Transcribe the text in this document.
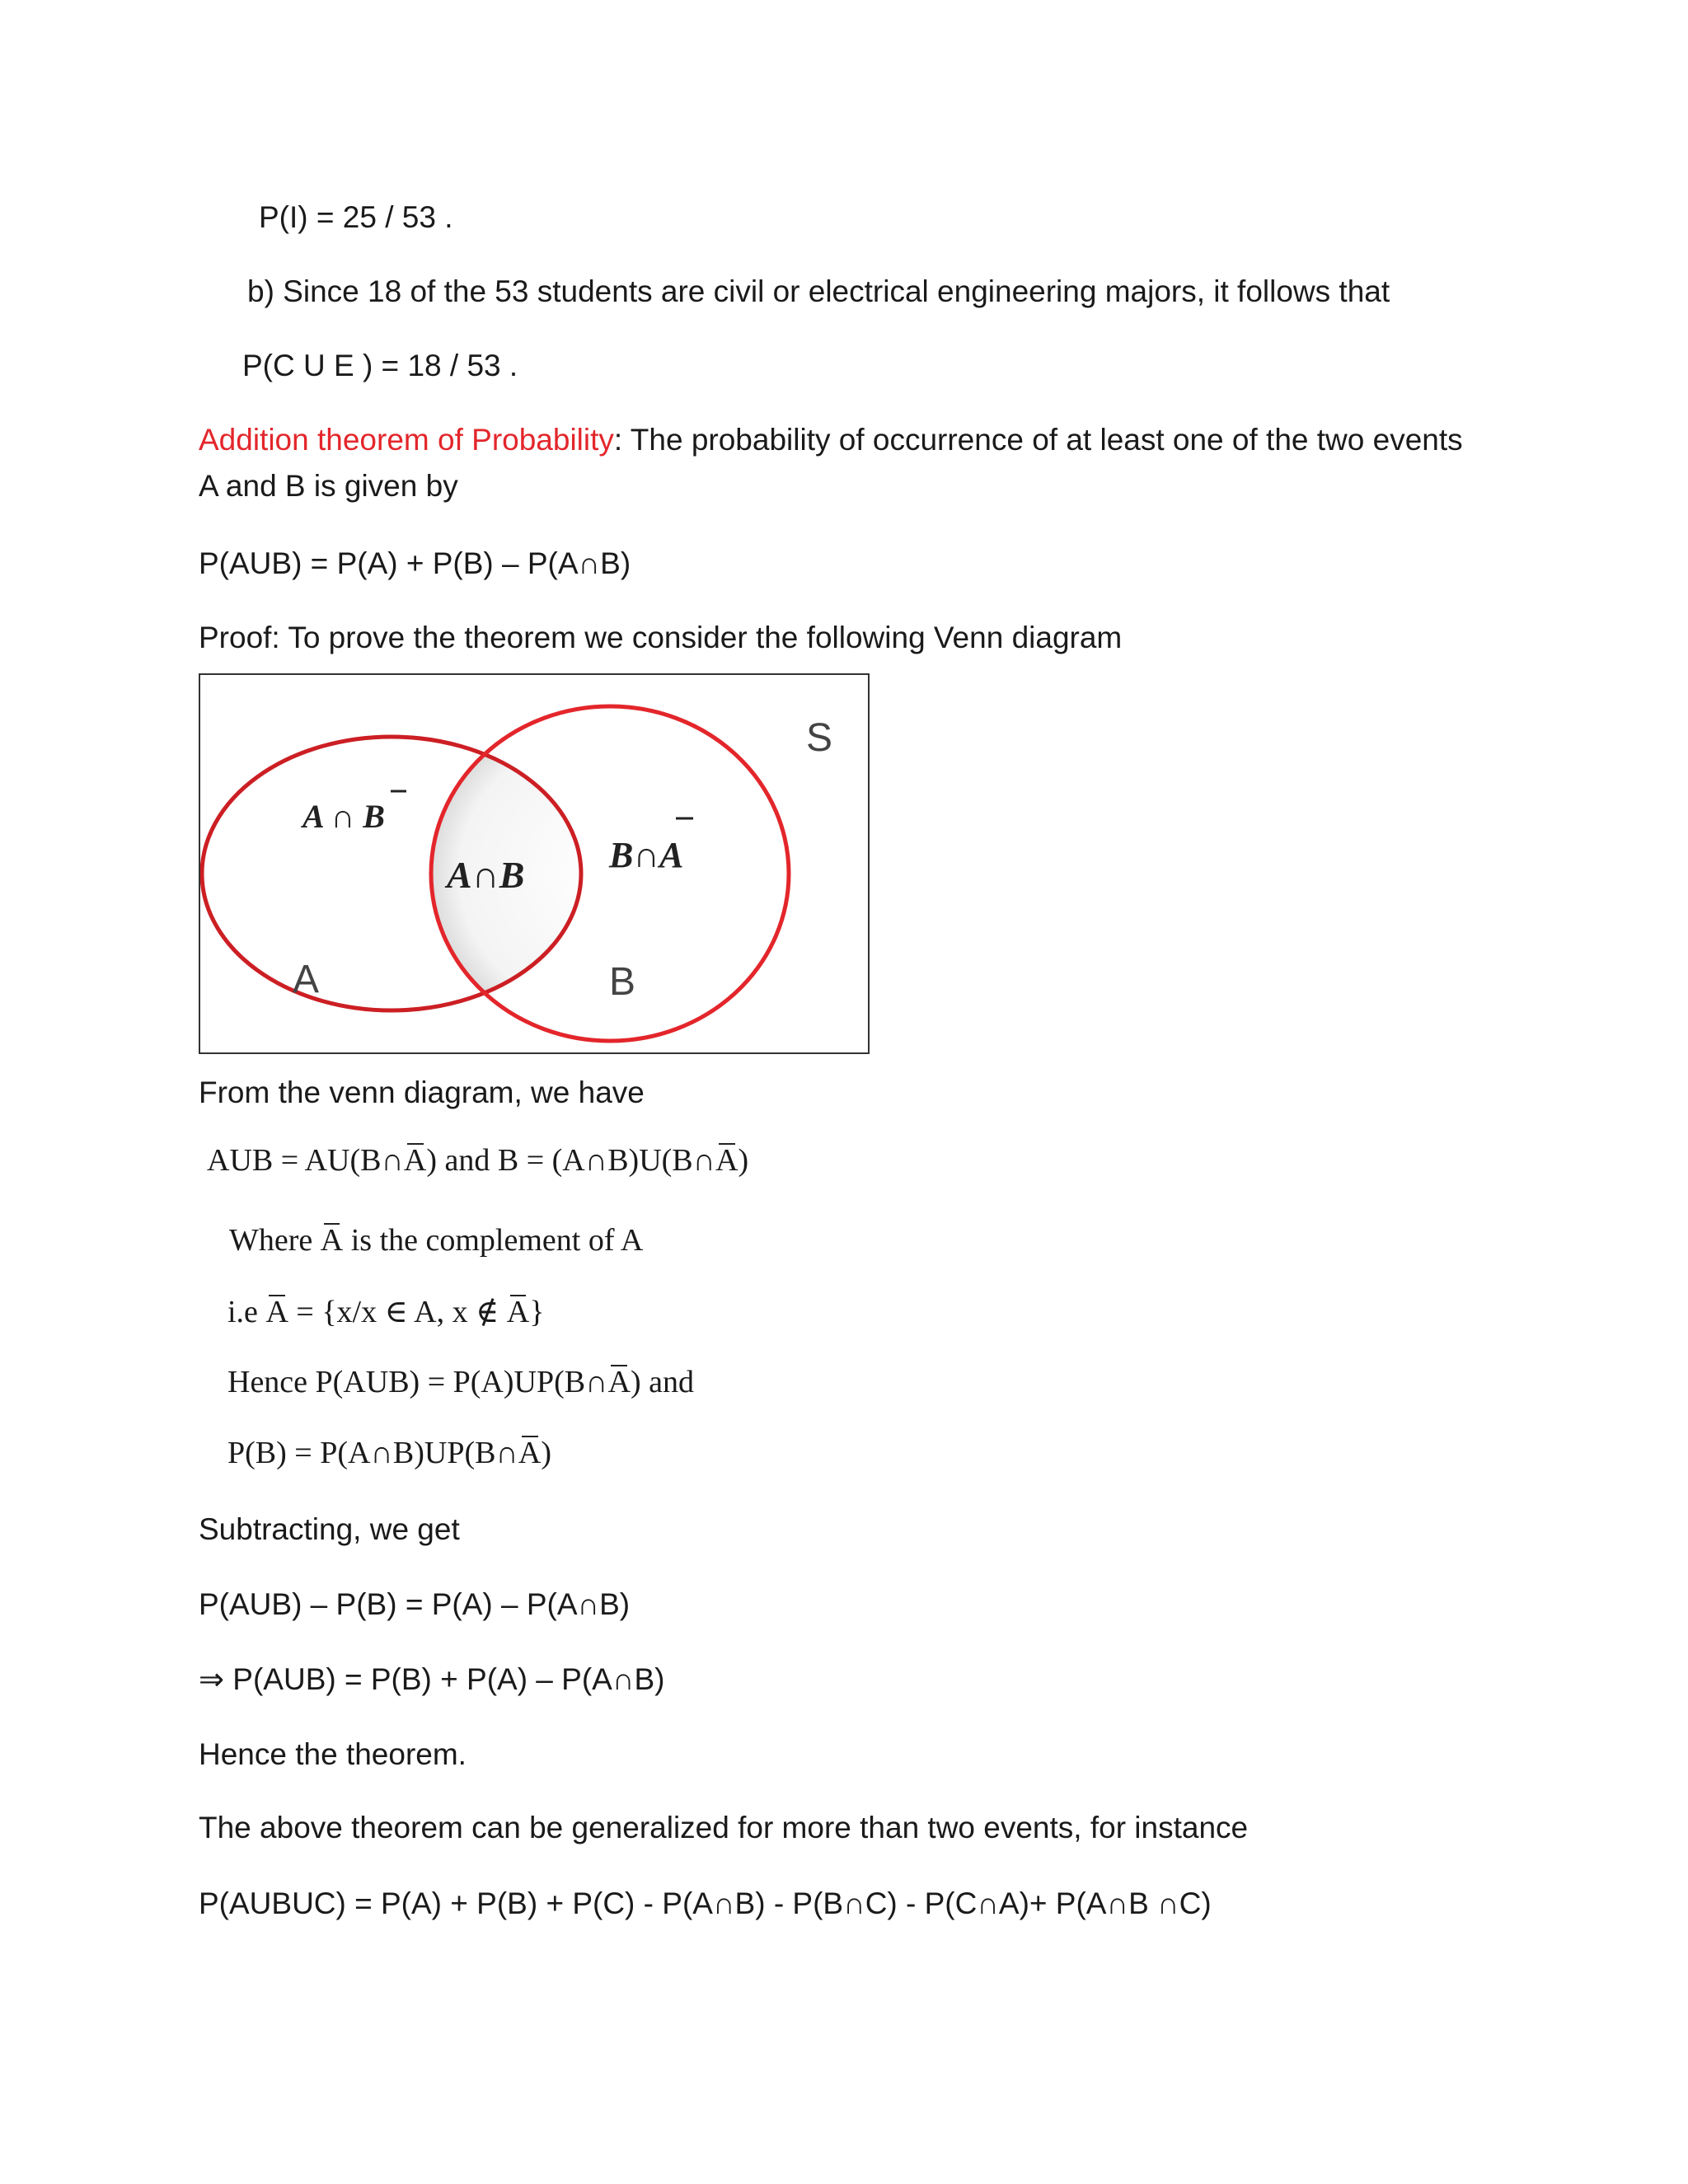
P(I) = 25 / 53 .
b) Since 18 of the 53 students are civil or electrical engineering majors, it follows that
P(C U E ) = 18 / 53 .
Addition theorem of Probability: The probability of occurrence of at least one of the two events
A and B is given by
P(AUB) = P(A) + P(B) – P(A∩B)
Proof: To prove the theorem we consider the following Venn diagram
S
A ∩ B
A∩B B∩A
A	B
From the venn diagram, we have
AUB = AU(B∩A) and B = (A∩B)U(B∩A)
Where A is the complement of A
i.e A = {x/x ∈ A, x ∉ A}
Hence P(AUB) = P(A)UP(B∩A) and
P(B) = P(A∩B)UP(B∩A)
Subtracting, we get
P(AUB) – P(B) = P(A) – P(A∩B)
⇒ P(AUB) = P(B) + P(A) – P(A∩B)
Hence the theorem.
The above theorem can be generalized for more than two events, for instance
P(AUBUC) = P(A) + P(B) + P(C) - P(A∩B) - P(B∩C) - P(C∩A)+ P(A∩B ∩C)
